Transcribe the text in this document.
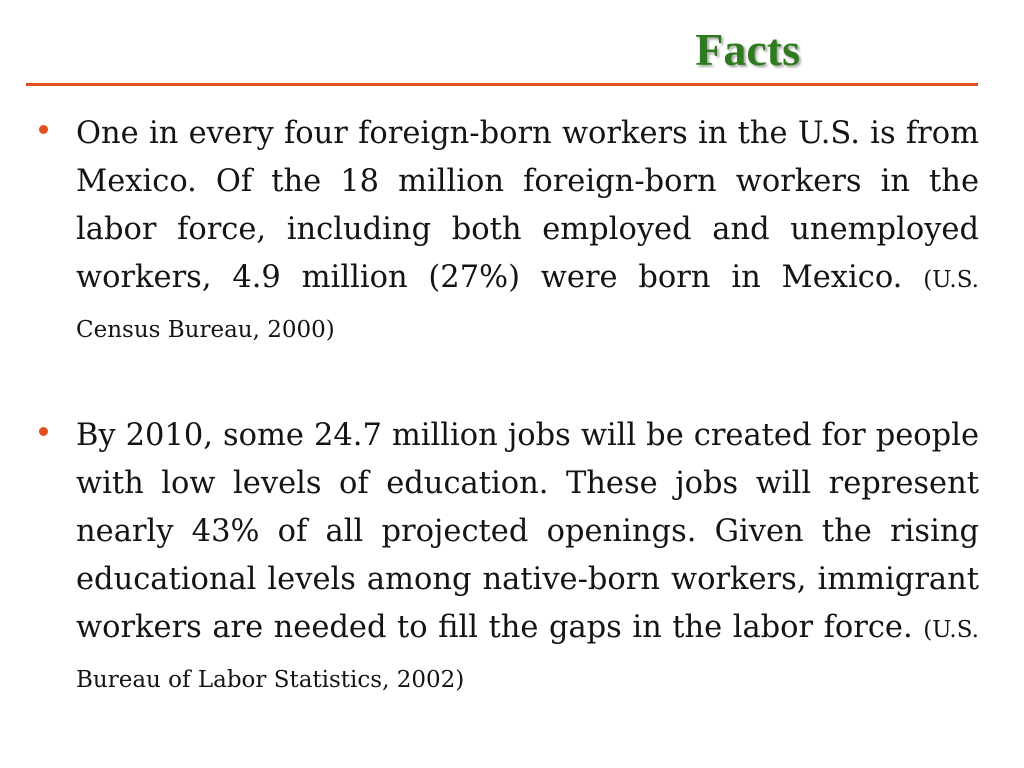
Facts
One in every four foreign-born workers in the U.S. is from Mexico. Of the 18 million foreign-born workers in the labor force, including both employed and unemployed workers, 4.9 million (27%) were born in Mexico. (U.S. Census Bureau, 2000)
By 2010, some 24.7 million jobs will be created for people with low levels of education. These jobs will represent nearly 43% of all projected openings. Given the rising educational levels among native-born workers, immigrant workers are needed to fill the gaps in the labor force. (U.S. Bureau of Labor Statistics, 2002)
